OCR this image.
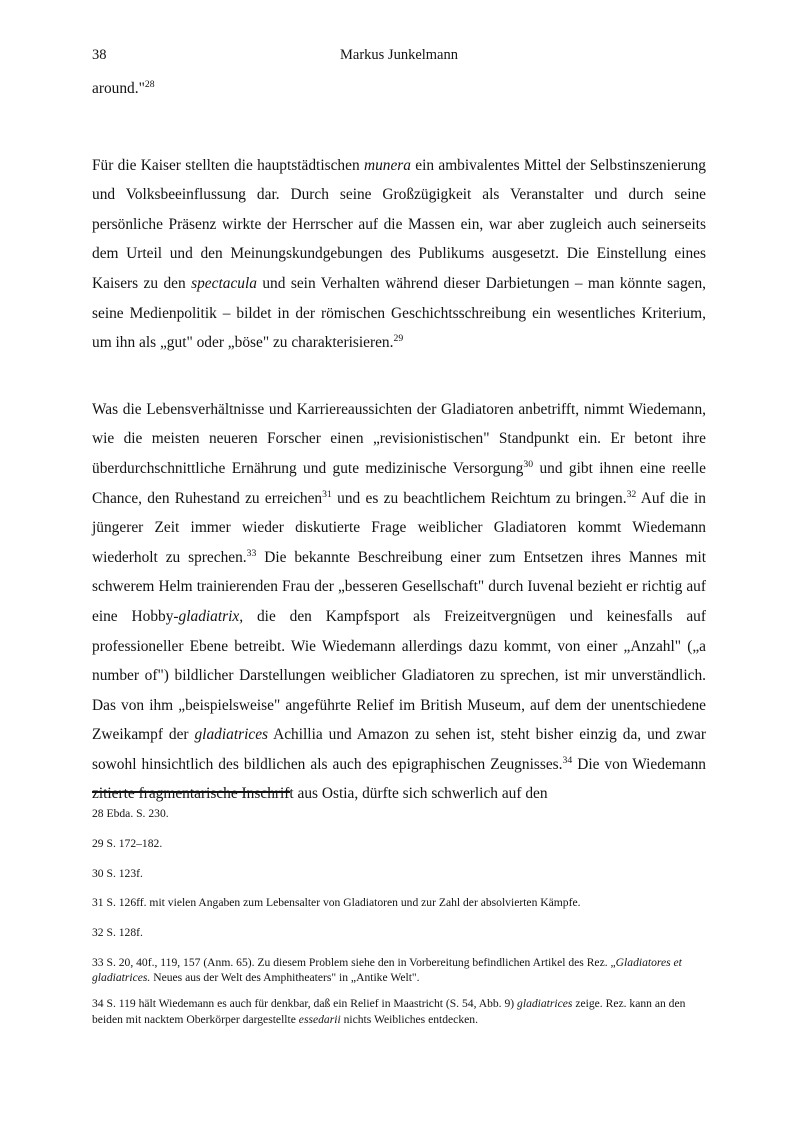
38	Markus Junkelmann

around."$^{28}$

Für die Kaiser stellten die hauptstädtischen munera ein ambivalentes Mittel der Selbstinszenierung und Volksbeeinflussung dar. Durch seine Großzügigkeit als Veranstalter und durch seine persönliche Präsenz wirkte der Herrscher auf die Massen ein, war aber zugleich auch seinerseits dem Urteil und den Meinungskundgebungen des Publikums ausgesetzt. Die Einstellung eines Kaisers zu den spectacula und sein Verhalten während dieser Darbietungen – man könnte sagen, seine Medienpolitik – bildet in der römischen Geschichtsschreibung ein wesentliches Kriterium, um ihn als „gut" oder „böse" zu charakterisieren.$^{29}$

Was die Lebensverhältnisse und Karriereaussichten der Gladiatoren anbetrifft, nimmt Wiedemann, wie die meisten neueren Forscher einen „revisionistischen" Standpunkt ein. Er betont ihre überdurchschnittliche Ernährung und gute medizinische Versorgung$^{30}$ und gibt ihnen eine reelle Chance, den Ruhestand zu erreichen$^{31}$ und es zu beachtlichem Reichtum zu bringen.$^{32}$ Auf die in jüngerer Zeit immer wieder diskutierte Frage weiblicher Gladiatoren kommt Wiedemann wiederholt zu sprechen.$^{33}$ Die bekannte Beschreibung einer zum Entsetzen ihres Mannes mit schwerem Helm trainierenden Frau der „besseren Gesellschaft" durch Iuvenal bezieht er richtig auf eine Hobby-gladiatrix, die den Kampfsport als Freizeitvergnügen und keinesfalls auf professioneller Ebene betreibt. Wie Wiedemann allerdings dazu kommt, von einer „Anzahl" („a number of") bildlicher Darstellungen weiblicher Gladiatoren zu sprechen, ist mir unverständlich. Das von ihm „beispielsweise" angeführte Relief im British Museum, auf dem der unentschiedene Zweikampf der gladiatrices Achillia und Amazon zu sehen ist, steht bisher einzig da, und zwar sowohl hinsichtlich des bildlichen als auch des epigraphischen Zeugnisses.$^{34}$ Die von Wiedemann zitierte fragmentarische Inschrift aus Ostia, dürfte sich schwerlich auf den

28 Ebda. S. 230.

29 S. 172–182.

30 S. 123f.

31 S. 126ff. mit vielen Angaben zum Lebensalter von Gladiatoren und zur Zahl der absolvierten Kämpfe.

32 S. 128f.

33 S. 20, 40f., 119, 157 (Anm. 65). Zu diesem Problem siehe den in Vorbereitung befindlichen Artikel des Rez. „Gladiatores et gladiatrices. Neues aus der Welt des Amphitheaters" in „Antike Welt".

34 S. 119 hält Wiedemann es auch für denkbar, daß ein Relief in Maastricht (S. 54, Abb. 9) gladiatrices zeige. Rez. kann an den beiden mit nacktem Oberkörper dargestellte essedarii nichts Weibliches entdecken.
